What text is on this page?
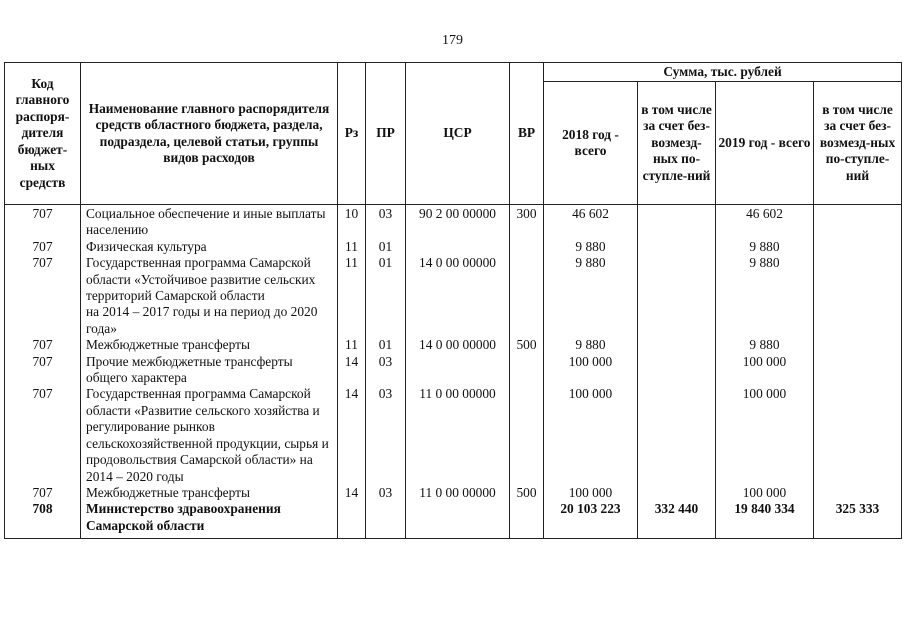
179
Код главного распоря-дителя бюджет-ных средств	Наименование главного распорядителя средств областного бюджета, раздела, подраздела, целевой статьи, группы видов расходов	Рз	ПР	ЦСР	ВР	Сумма, тыс. рублей			
						2018 год - всего	в том числе за счет без-возмезд-ных по-ступле-ний	2019 год - всего	в том числе за счет без-возмезд-ных по-ступле-ний
707	Социальное обеспечение и иные выплаты населению	10	03	90 2 00 00000	300	46 602		46 602	
707	Физическая культура	11	01			9 880		9 880	
707	Государственная программа Самарской области «Устойчивое развитие сельских территорий Самарской области
на 2014 – 2017 годы и на период до 2020 года»	11	01	14 0 00 00000		9 880		9 880	
707	Межбюджетные трансферты	11	01	14 0 00 00000	500	9 880		9 880	
707	Прочие межбюджетные трансферты общего характера	14	03			100 000		100 000	
707	Государственная программа Самарской области «Развитие сельского хозяйства и регулирование рынков сельскохозяйственной продукции, сырья и продовольствия Самарской области» на 2014 – 2020 годы	14	03	11 0 00 00000		100 000		100 000	
707	Межбюджетные трансферты	14	03	11 0 00 00000	500	100 000		100 000	
708	Министерство здравоохранения Самарской области					20 103 223	332 440	19 840 334	325 333
